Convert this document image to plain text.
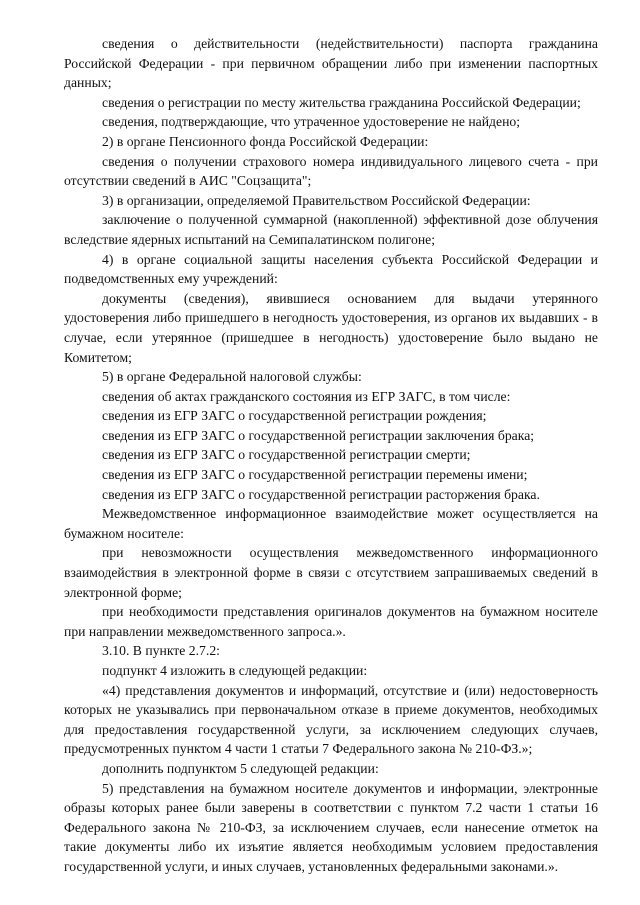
сведения о действительности (недействительности) паспорта гражданина Российской Федерации - при первичном обращении либо при изменении паспортных данных;

сведения о регистрации по месту жительства гражданина Российской Федерации;

сведения, подтверждающие, что утраченное удостоверение не найдено;

2) в органе Пенсионного фонда Российской Федерации:

сведения о получении страхового номера индивидуального лицевого счета - при отсутствии сведений в АИС "Соцзащита";

3) в организации, определяемой Правительством Российской Федерации:

заключение о полученной суммарной (накопленной) эффективной дозе облучения вследствие ядерных испытаний на Семипалатинском полигоне;

4) в органе социальной защиты населения субъекта Российской Федерации и подведомственных ему учреждений:

документы (сведения), явившиеся основанием для выдачи утерянного удостоверения либо пришедшего в негодность удостоверения, из органов их выдавших - в случае, если утерянное (пришедшее в негодность) удостоверение было выдано не Комитетом;

5) в органе Федеральной налоговой службы:

сведения об актах гражданского состояния из ЕГР ЗАГС, в том числе:

сведения из ЕГР ЗАГС о государственной регистрации рождения;

сведения из ЕГР ЗАГС о государственной регистрации заключения брака;

сведения из ЕГР ЗАГС о государственной регистрации смерти;

сведения из ЕГР ЗАГС о государственной регистрации перемены имени;

сведения из ЕГР ЗАГС о государственной регистрации расторжения брака.

Межведомственное информационное взаимодействие может осуществляется на бумажном носителе:

при невозможности осуществления межведомственного информационного взаимодействия в электронной форме в связи с отсутствием запрашиваемых сведений в электронной форме;

при необходимости представления оригиналов документов на бумажном носителе при направлении межведомственного запроса.».

3.10. В пункте 2.7.2:

подпункт 4 изложить в следующей редакции:

«4) представления документов и информаций, отсутствие и (или) недостоверность которых не указывались при первоначальном отказе в приеме документов, необходимых для предоставления государственной услуги, за исключением следующих случаев, предусмотренных пунктом 4 части 1 статьи 7 Федерального закона № 210-ФЗ.»;

дополнить подпунктом 5 следующей редакции:

5) представления на бумажном носителе документов и информации, электронные образы которых ранее были заверены в соответствии с пунктом 7.2 части 1 статьи 16 Федерального закона № 210-ФЗ, за исключением случаев, если нанесение отметок на такие документы либо их изъятие является необходимым условием предоставления государственной услуги, и иных случаев, установленных федеральными законами.».
